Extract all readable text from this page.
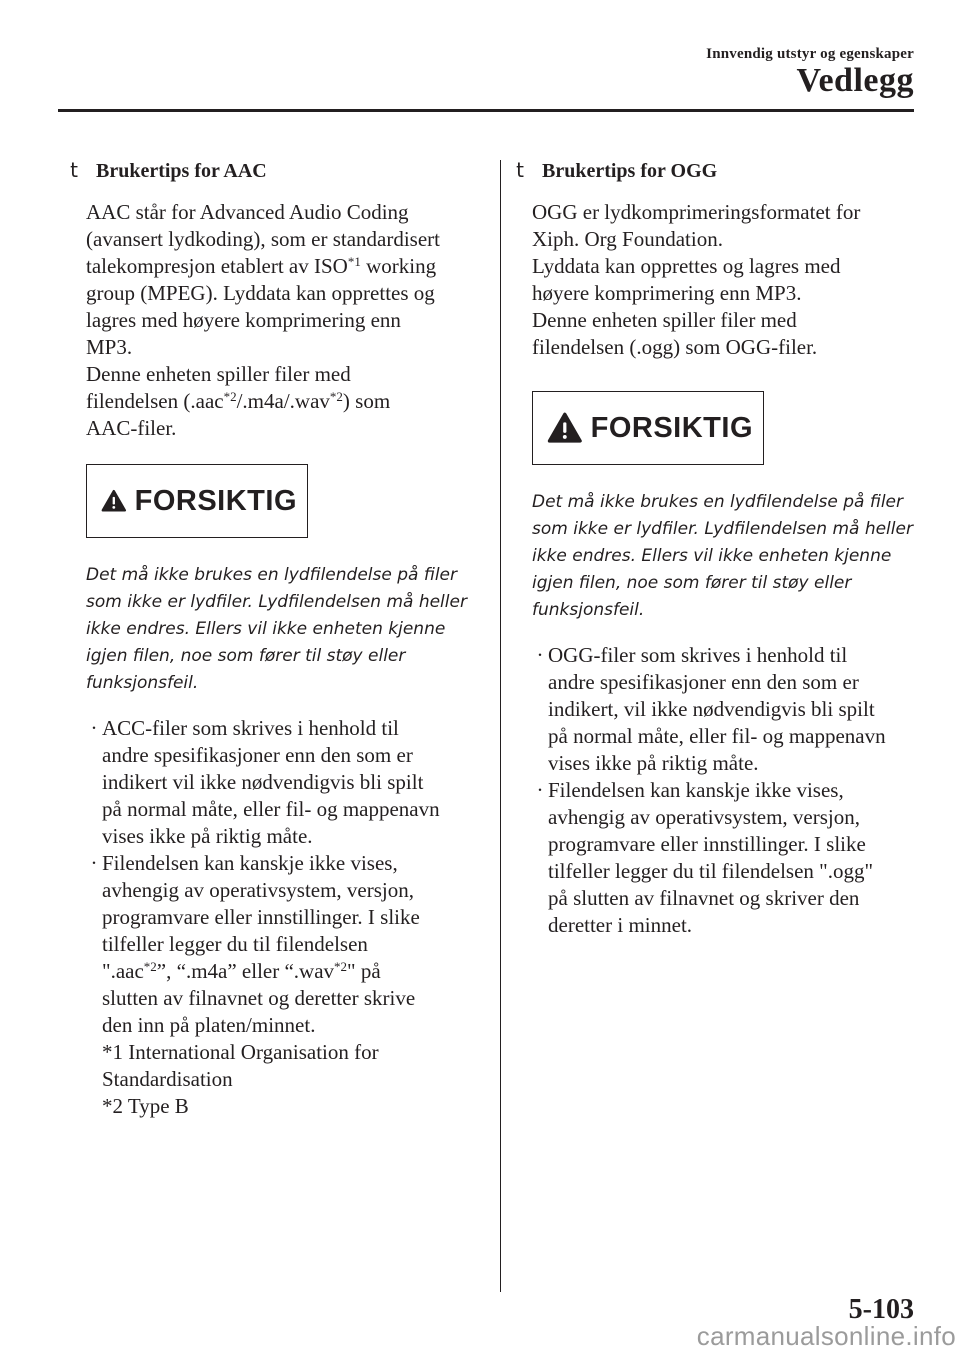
Innvendig utstyr og egenskaper
Vedlegg
t Brukertips for AAC
AAC står for Advanced Audio Coding
(avansert lydkoding), som er standardisert
talekompresjon etablert av ISO$^{*1}$ working
group (MPEG). Lyddata kan opprettes og
lagres med høyere komprimering enn
MP3.
Denne enheten spiller filer med
filendelsen (.aac$^{*2}$/.m4a/.wav$^{*2}$) som
AAC-filer.
FORSIKTIG
Det må ikke brukes en lydfilendelse på filer som ikke er lydfiler. Lydfilendelsen må heller ikke endres. Ellers vil ikke enheten kjenne igjen filen, noe som fører til støy eller funksjonsfeil.
· ACC-filer som skrives i henhold til
andre spesifikasjoner enn den som er
indikert vil ikke nødvendigvis bli spilt
på normal måte, eller fil- og mappenavn
vises ikke på riktig måte.
· Filendelsen kan kanskje ikke vises,
avhengig av operativsystem, versjon,
programvare eller innstillinger. I slike
tilfeller legger du til filendelsen
".aac$^{*2}$”, “.m4a” eller “.wav$^{*2}$" på
slutten av filnavnet og deretter skrive
den inn på platen/minnet.
*1 International Organisation for
Standardisation
*2 Type B
t Brukertips for OGG
OGG er lydkomprimeringsformatet for
Xiph. Org Foundation.
Lyddata kan opprettes og lagres med
høyere komprimering enn MP3.
Denne enheten spiller filer med
filendelsen (.ogg) som OGG-filer.
FORSIKTIG
Det må ikke brukes en lydfilendelse på filer som ikke er lydfiler. Lydfilendelsen må heller ikke endres. Ellers vil ikke enheten kjenne igjen filen, noe som fører til støy eller funksjonsfeil.
· OGG-filer som skrives i henhold til
andre spesifikasjoner enn den som er
indikert, vil ikke nødvendigvis bli spilt
på normal måte, eller fil- og mappenavn
vises ikke på riktig måte.
· Filendelsen kan kanskje ikke vises,
avhengig av operativsystem, versjon,
programvare eller innstillinger. I slike
tilfeller legger du til filendelsen ".ogg"
på slutten av filnavnet og skriver den
deretter i minnet.
5-103
carmanualsonline.info
